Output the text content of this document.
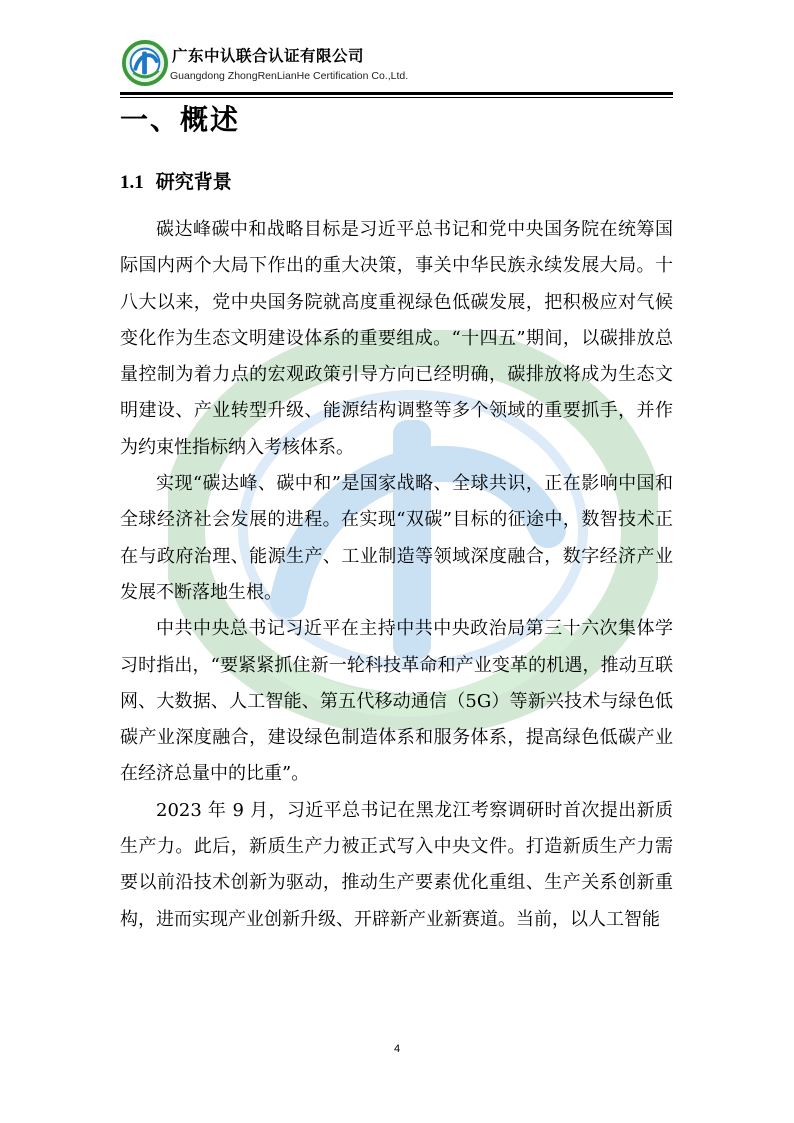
广东中认联合认证有限公司
Guangdong ZhongRenLianHe Certification Co.,Ltd.
一、概述
1.1 研究背景

碳达峰碳中和战略目标是习近平总书记和党中央国务院在统筹国际国内两个大局下作出的重大决策，事关中华民族永续发展大局。十八大以来，党中央国务院就高度重视绿色低碳发展，把积极应对气候变化作为生态文明建设体系的重要组成。“十四五”期间，以碳排放总量控制为着力点的宏观政策引导方向已经明确，碳排放将成为生态文明建设、产业转型升级、能源结构调整等多个领域的重要抓手，并作为约束性指标纳入考核体系。

实现“碳达峰、碳中和”是国家战略、全球共识，正在影响中国和全球经济社会发展的进程。在实现“双碳”目标的征途中，数智技术正在与政府治理、能源生产、工业制造等领域深度融合，数字经济产业发展不断落地生根。

中共中央总书记习近平在主持中共中央政治局第三十六次集体学习时指出，“要紧紧抓住新一轮科技革命和产业变革的机遇，推动互联网、大数据、人工智能、第五代移动通信（5G）等新兴技术与绿色低碳产业深度融合，建设绿色制造体系和服务体系，提高绿色低碳产业在经济总量中的比重”。

2023 年 9 月，习近平总书记在黑龙江考察调研时首次提出新质生产力。此后，新质生产力被正式写入中央文件。打造新质生产力需要以前沿技术创新为驱动，推动生产要素优化重组、生产关系创新重构，进而实现产业创新升级、开辟新产业新赛道。当前，以人工智能

4
